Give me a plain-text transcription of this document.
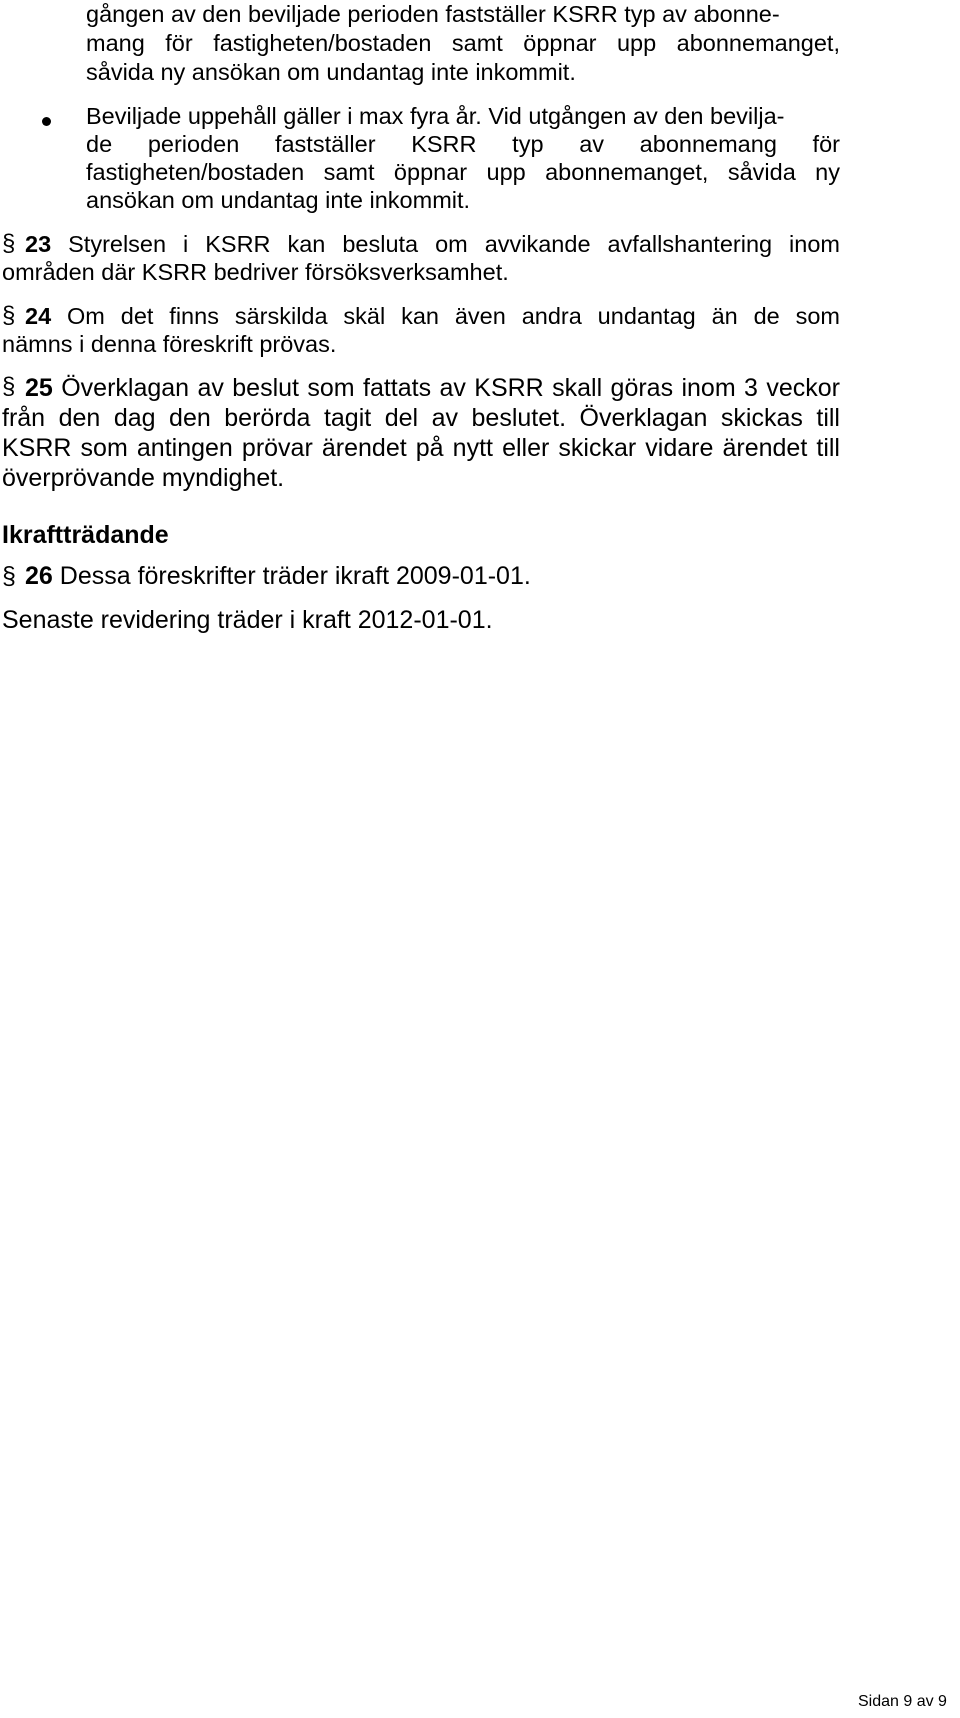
gången av den beviljade perioden fastställer KSRR typ av abonne-
mang för fastigheten/bostaden samt öppnar upp abonnemanget,
såvida ny ansökan om undantag inte inkommit.
Beviljade uppehåll gäller i max fyra år. Vid utgången av den bevilja-
de perioden fastställer KSRR typ av abonnemang för
fastigheten/bostaden samt öppnar upp abonnemanget, såvida ny
ansökan om undantag inte inkommit.
§ 23 Styrelsen i KSRR kan besluta om avvikande avfallshantering inom
områden där KSRR bedriver försöksverksamhet.
§ 24 Om det finns särskilda skäl kan även andra undantag än de som
nämns i denna föreskrift prövas.
§ 25 Överklagan av beslut som fattats av KSRR skall göras inom 3 veckor
från den dag den berörda tagit del av beslutet. Överklagan skickas till
KSRR som antingen prövar ärendet på nytt eller skickar vidare ärendet till
överprövande myndighet.
Ikraftträdande
§ 26 Dessa föreskrifter träder ikraft 2009-01-01.
Senaste revidering träder i kraft 2012-01-01.
Sidan 9 av 9
